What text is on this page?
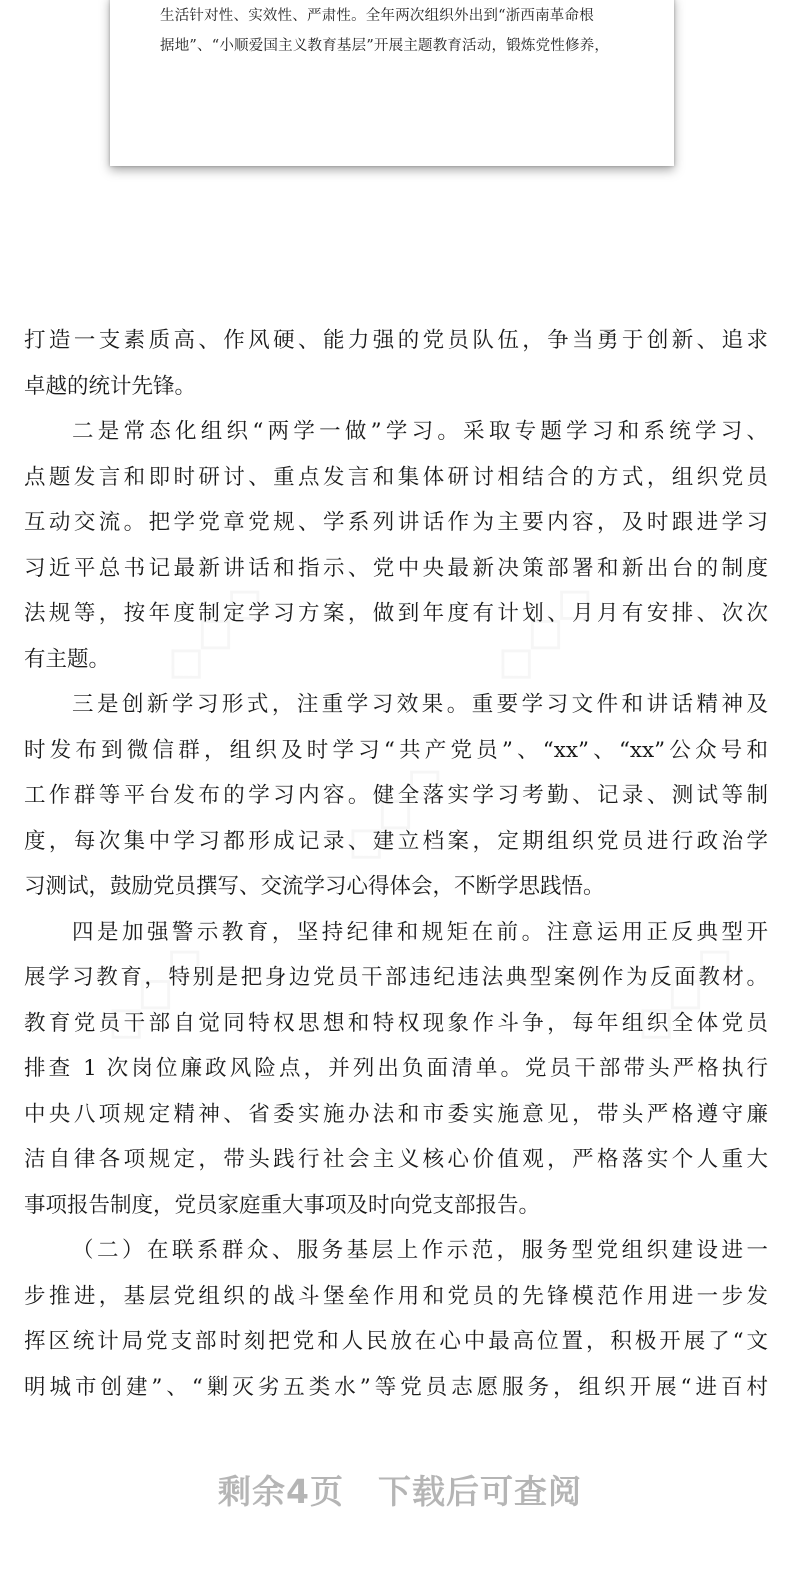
生活针对性、实效性、严肃性。全年两次组织外出到“浙西南革命根
据地”、“小顺爱国主义教育基层”开展主题教育活动，锻炼党性修养，
◇◇◇	◇◇◇
◇◇◇
◇◇◇	◇◇◇
打造一支素质高、作风硬、能力强的党员队伍，争当勇于创新、追求
卓越的统计先锋。
二是常态化组织“两学一做”学习。采取专题学习和系统学习、
点题发言和即时研讨、重点发言和集体研讨相结合的方式，组织党员
互动交流。把学党章党规、学系列讲话作为主要内容，及时跟进学习
习近平总书记最新讲话和指示、党中央最新决策部署和新出台的制度
法规等，按年度制定学习方案，做到年度有计划、月月有安排、次次
有主题。
三是创新学习形式，注重学习效果。重要学习文件和讲话精神及
时发布到微信群，组织及时学习“共产党员”、“xx”、“xx”公众号和
工作群等平台发布的学习内容。健全落实学习考勤、记录、测试等制
度，每次集中学习都形成记录、建立档案，定期组织党员进行政治学
习测试，鼓励党员撰写、交流学习心得体会，不断学思践悟。
四是加强警示教育，坚持纪律和规矩在前。注意运用正反典型开
展学习教育，特别是把身边党员干部违纪违法典型案例作为反面教材。
教育党员干部自觉同特权思想和特权现象作斗争，每年组织全体党员
排查 1 次岗位廉政风险点，并列出负面清单。党员干部带头严格执行
中央八项规定精神、省委实施办法和市委实施意见，带头严格遵守廉
洁自律各项规定，带头践行社会主义核心价值观，严格落实个人重大
事项报告制度，党员家庭重大事项及时向党支部报告。
（二）在联系群众、服务基层上作示范，服务型党组织建设进一
步推进，基层党组织的战斗堡垒作用和党员的先锋模范作用进一步发
挥区统计局党支部时刻把党和人民放在心中最高位置，积极开展了“文
明城市创建”、“剿灭劣五类水”等党员志愿服务，组织开展“进百村
剩余4页 下载后可查阅
